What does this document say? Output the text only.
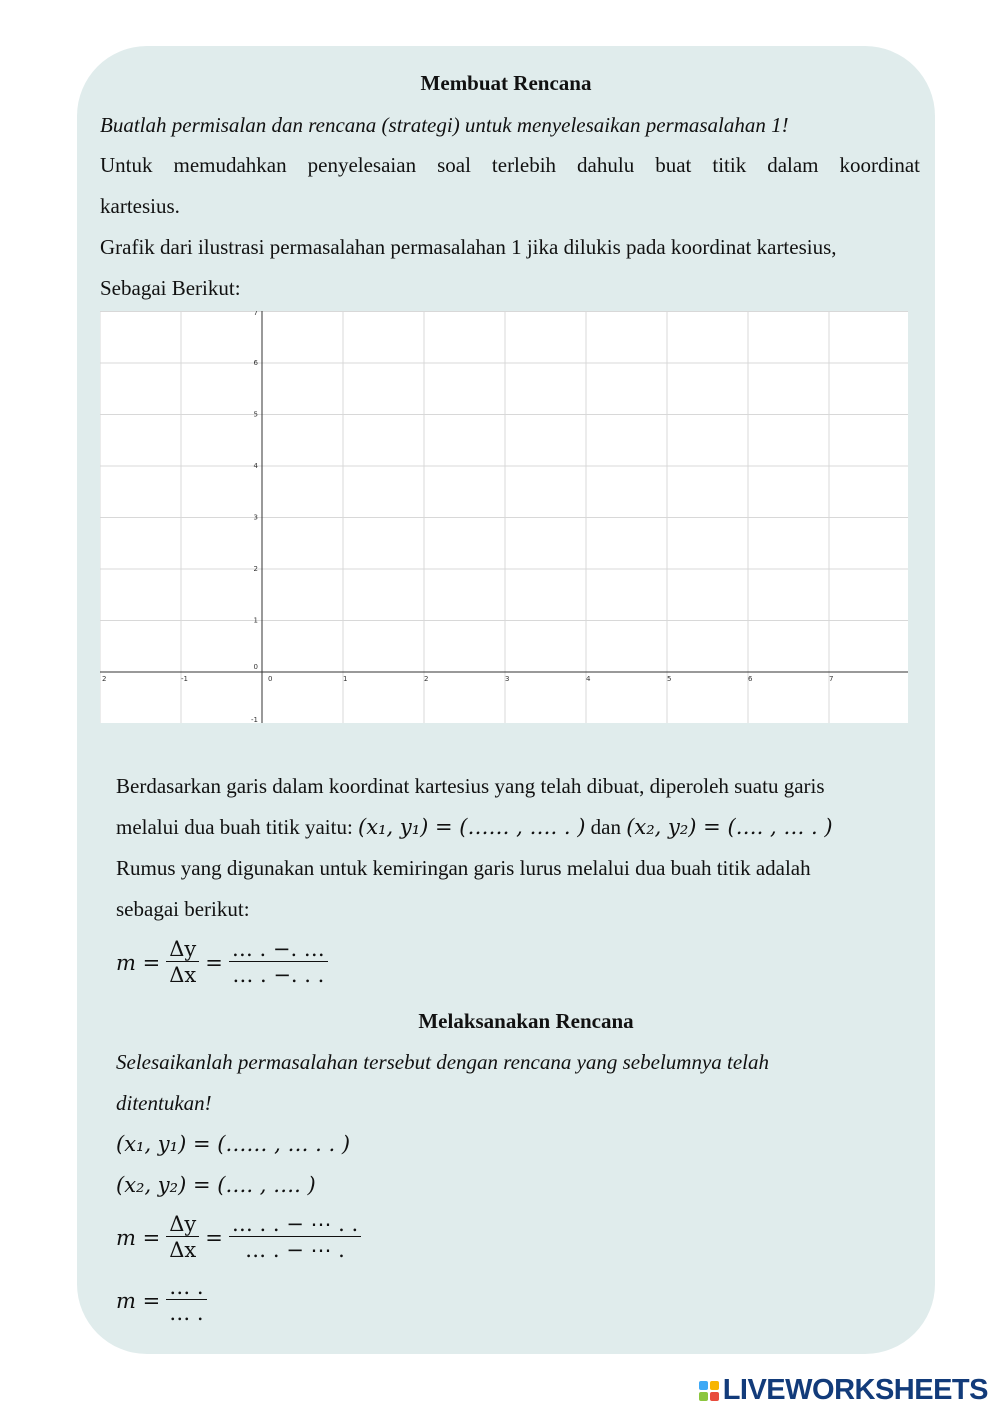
Membuat Rencana
Buatlah permisalan dan rencana (strategi) untuk menyelesaikan permasalahan 1!
Untuk memudahkan penyelesaian soal terlebih dahulu buat titik dalam koordinat
kartesius.
Grafik dari ilustrasi permasalahan permasalahan 1 jika dilukis pada koordinat kartesius,
Sebagai Berikut:
2	-1	0	1	2	3	4	5	6	7
-1
0
1
2
3
4
5
6
7
Berdasarkan garis dalam koordinat kartesius yang telah dibuat, diperoleh suatu garis
melalui dua buah titik yaitu: (x₁, y₁) = (…… , …. . ) dan (x₂, y₂) = (…. , … . )
Rumus yang digunakan untuk kemiringan garis lurus melalui dua buah titik adalah
sebagai berikut:
$m = \frac{\Delta y}{\Delta x} = \frac{\dots . -. \dots}{\dots . -. . .}$
Melaksanakan Rencana
Selesaikanlah permasalahan tersebut dengan rencana yang sebelumnya telah
ditentukan!
(x₁, y₁) = (…… , … . . )
(x₂, y₂) = (…. , …. )
$m = \frac{\Delta y}{\Delta x} = \frac{\dots . . - \cdots . .}{\dots . - \cdots .}$
$m = \frac{\dots .}{\dots .}$
LIVEWORKSHEETS
